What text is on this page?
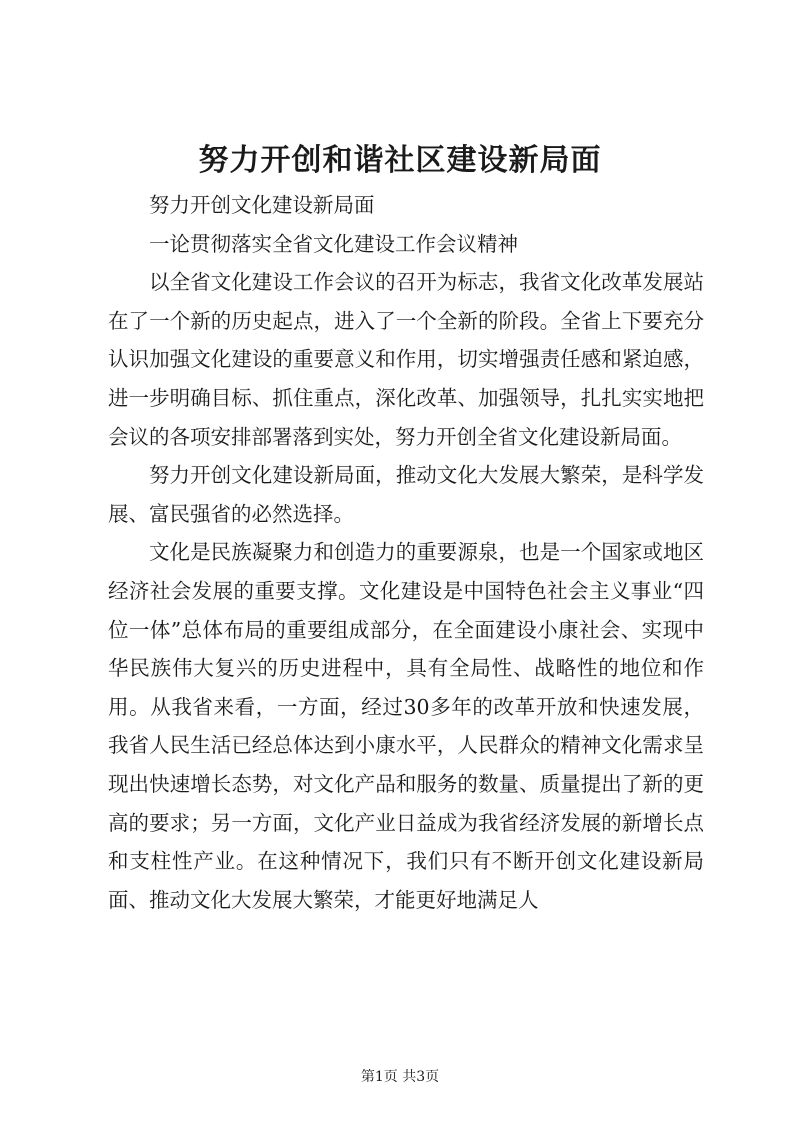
努力开创和谐社区建设新局面

努力开创文化建设新局面

一论贯彻落实全省文化建设工作会议精神

以全省文化建设工作会议的召开为标志，我省文化改革发展站在了一个新的历史起点，进入了一个全新的阶段。全省上下要充分认识加强文化建设的重要意义和作用，切实增强责任感和紧迫感，进一步明确目标、抓住重点，深化改革、加强领导，扎扎实实地把会议的各项安排部署落到实处，努力开创全省文化建设新局面。

努力开创文化建设新局面，推动文化大发展大繁荣，是科学发展、富民强省的必然选择。

文化是民族凝聚力和创造力的重要源泉，也是一个国家或地区经济社会发展的重要支撑。文化建设是中国特色社会主义事业“四位一体”总体布局的重要组成部分，在全面建设小康社会、实现中华民族伟大复兴的历史进程中，具有全局性、战略性的地位和作用。从我省来看，一方面，经过30多年的改革开放和快速发展，我省人民生活已经总体达到小康水平，人民群众的精神文化需求呈现出快速增长态势，对文化产品和服务的数量、质量提出了新的更高的要求；另一方面，文化产业日益成为我省经济发展的新增长点和支柱性产业。在这种情况下，我们只有不断开创文化建设新局面、推动文化大发展大繁荣，才能更好地满足人

第1页 共3页
